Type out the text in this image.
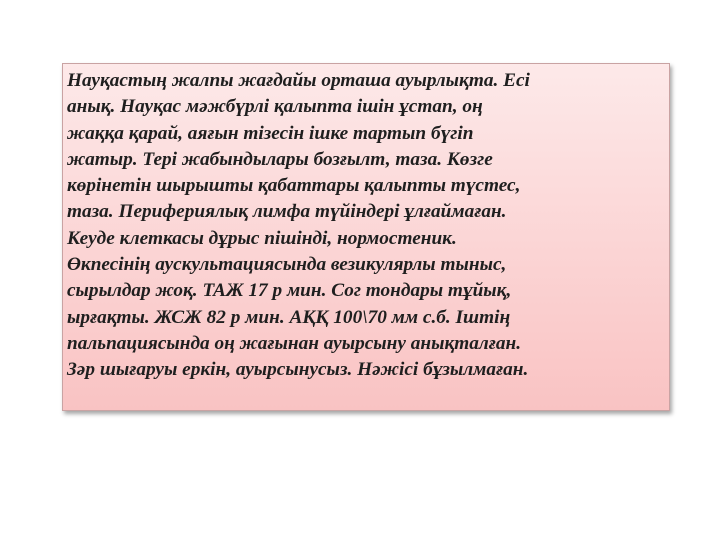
Науқастың жалпы жағдайы орташа ауырлықта. Есі
анық. Науқас мәжбүрлі қалыпта ішін ұстап, оң
жаққа қарай, аяғын тізесін ішке тартып бүгіп
жатыр. Тері жабындылары бозғылт, таза. Көзге
көрінетін шырышты қабаттары қалыпты түстес,
таза. Перифериялық лимфа түйіндері ұлғаймаған.
Кеуде клеткасы дұрыс пішінді, нормостеник.
Өкпесінің аускультациясында везикулярлы тыныс,
сырылдар жоқ. ТАЖ 17 р мин. Сог тондары тұйық,
ырғақты. ЖСЖ 82 р мин. АҚҚ 100\70 мм с.б. Іштің
пальпациясында оң жағынан ауырсыну анықталған.
Зәр шығаруы еркін, ауырсынусыз. Нәжісі бұзылмаған.
